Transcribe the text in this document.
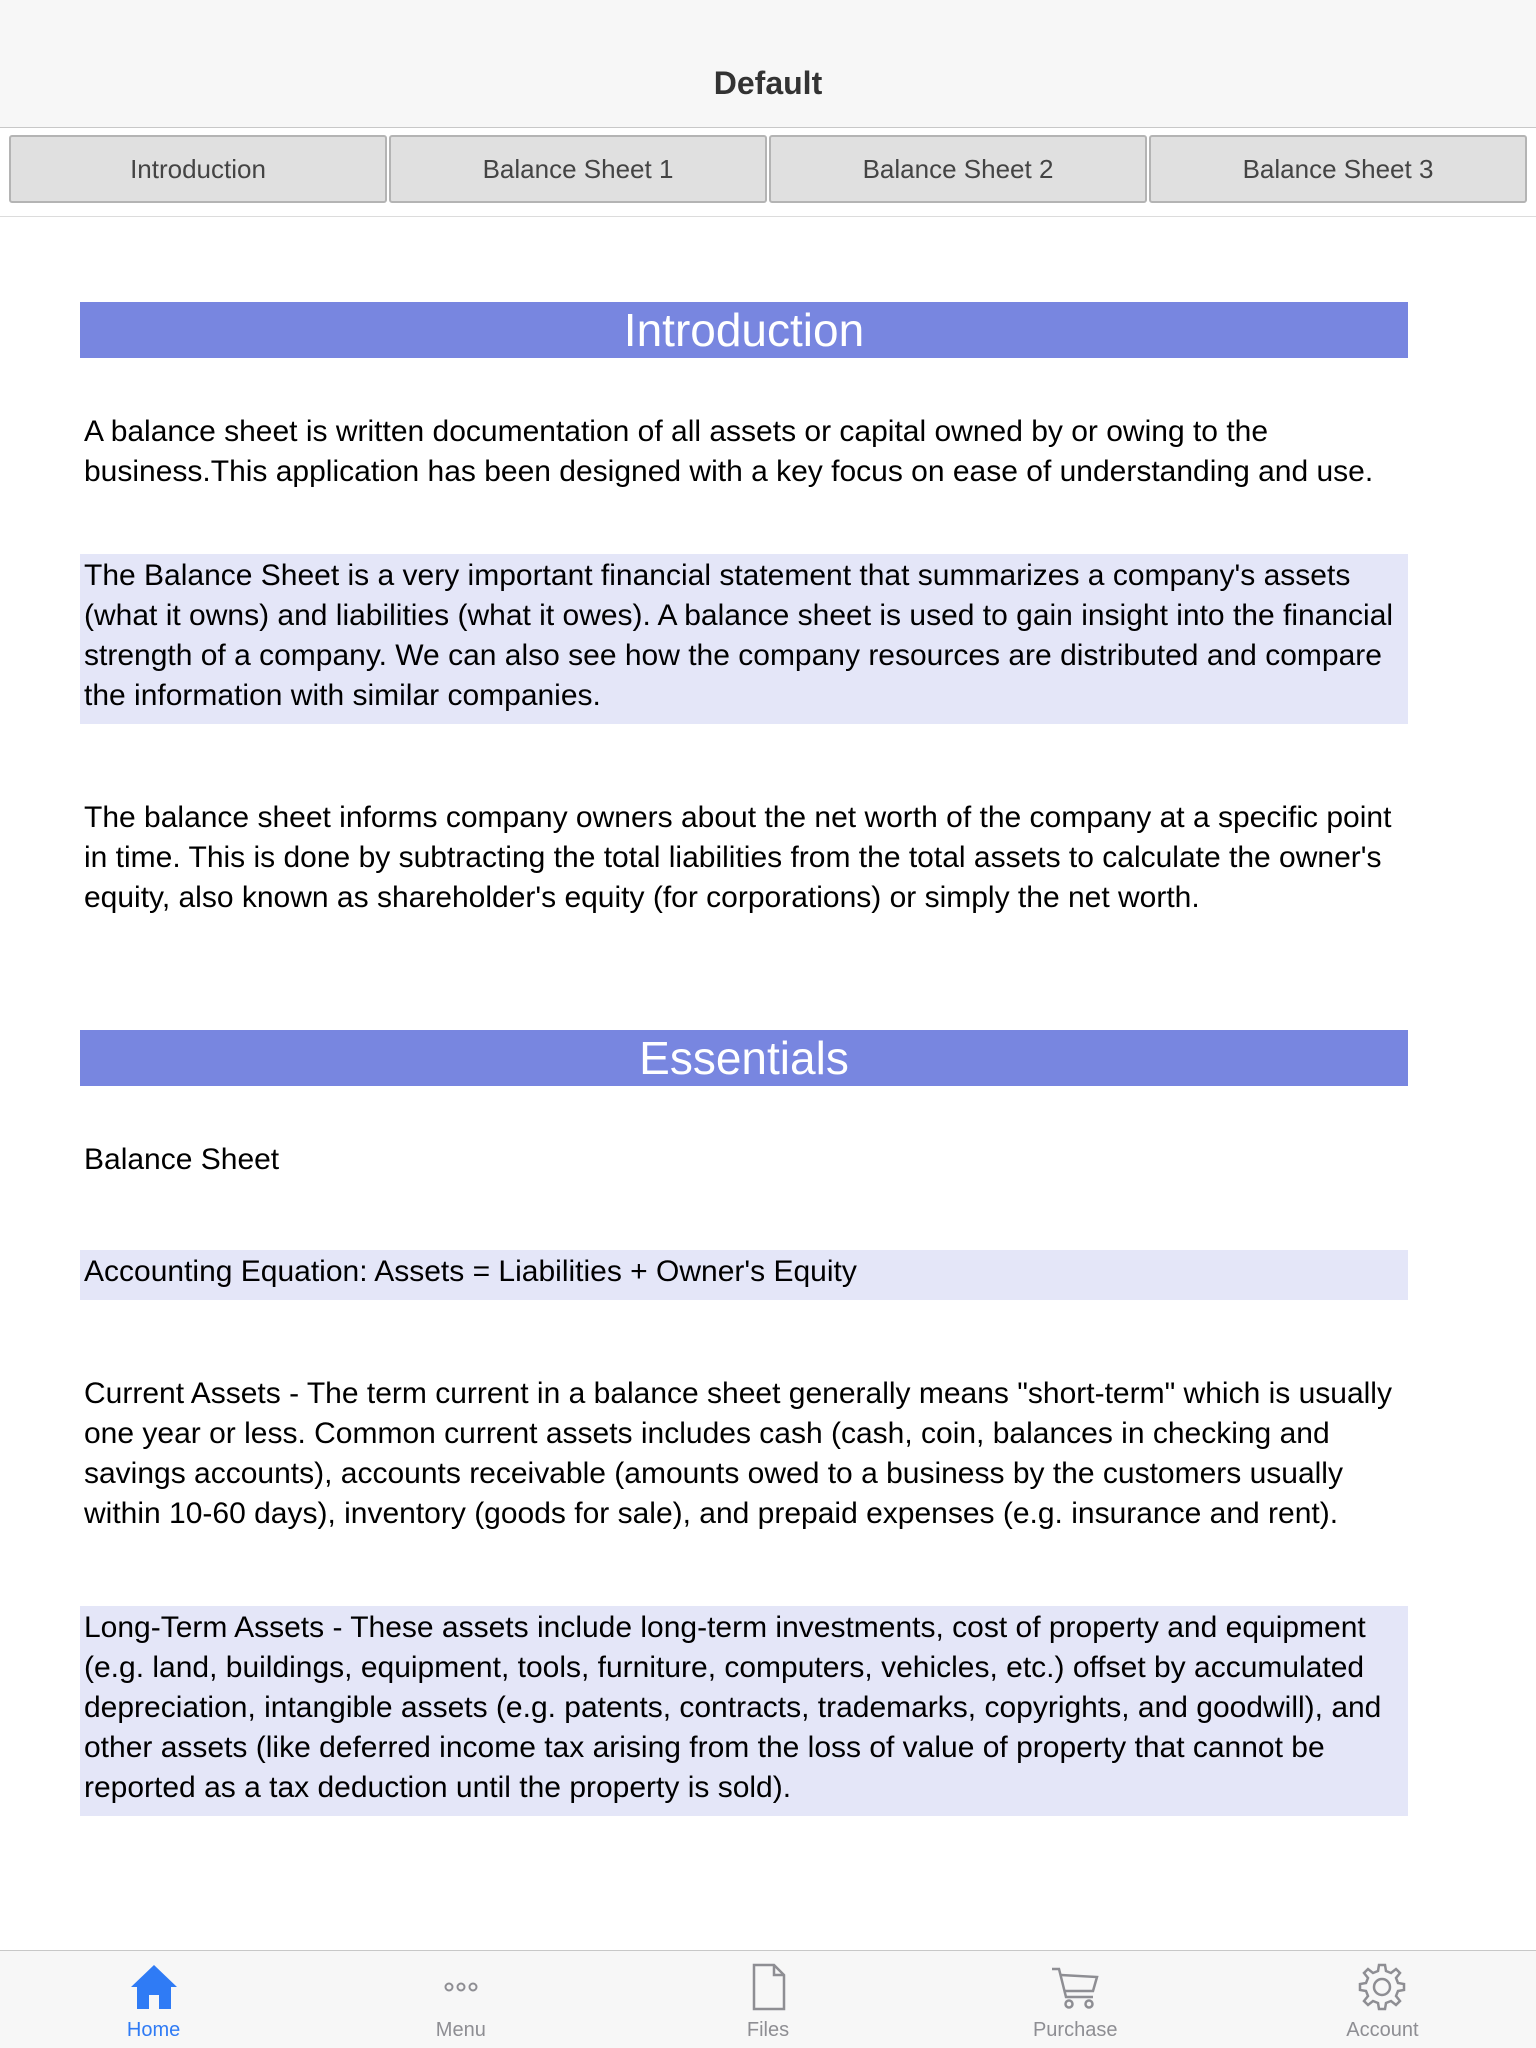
Default
Introduction	Balance Sheet 1	Balance Sheet 2	Balance Sheet 3
Introduction
A balance sheet is written documentation of all assets or capital owned by or owing to the business.This application has been designed with a key focus on ease of understanding and use.
The Balance Sheet is a very important financial statement that summarizes a company's assets (what it owns) and liabilities (what it owes). A balance sheet is used to gain insight into the financial strength of a company. We can also see how the company resources are distributed and compare the information with similar companies.
The balance sheet informs company owners about the net worth of the company at a specific point in time. This is done by subtracting the total liabilities from the total assets to calculate the owner's equity, also known as shareholder's equity (for corporations) or simply the net worth.
Essentials
Balance Sheet
Accounting Equation: Assets = Liabilities + Owner's Equity
Current Assets - The term current in a balance sheet generally means "short-term" which is usually one year or less. Common current assets includes cash (cash, coin, balances in checking and savings accounts), accounts receivable (amounts owed to a business by the customers usually within 10-60 days), inventory (goods for sale), and prepaid expenses (e.g. insurance and rent).
Long-Term Assets - These assets include long-term investments, cost of property and equipment (e.g. land, buildings, equipment, tools, furniture, computers, vehicles, etc.) offset by accumulated depreciation, intangible assets (e.g. patents, contracts, trademarks, copyrights, and goodwill), and other assets (like deferred income tax arising from the loss of value of property that cannot be reported as a tax deduction until the property is sold).
Home	Menu	Files	Purchase	Account
